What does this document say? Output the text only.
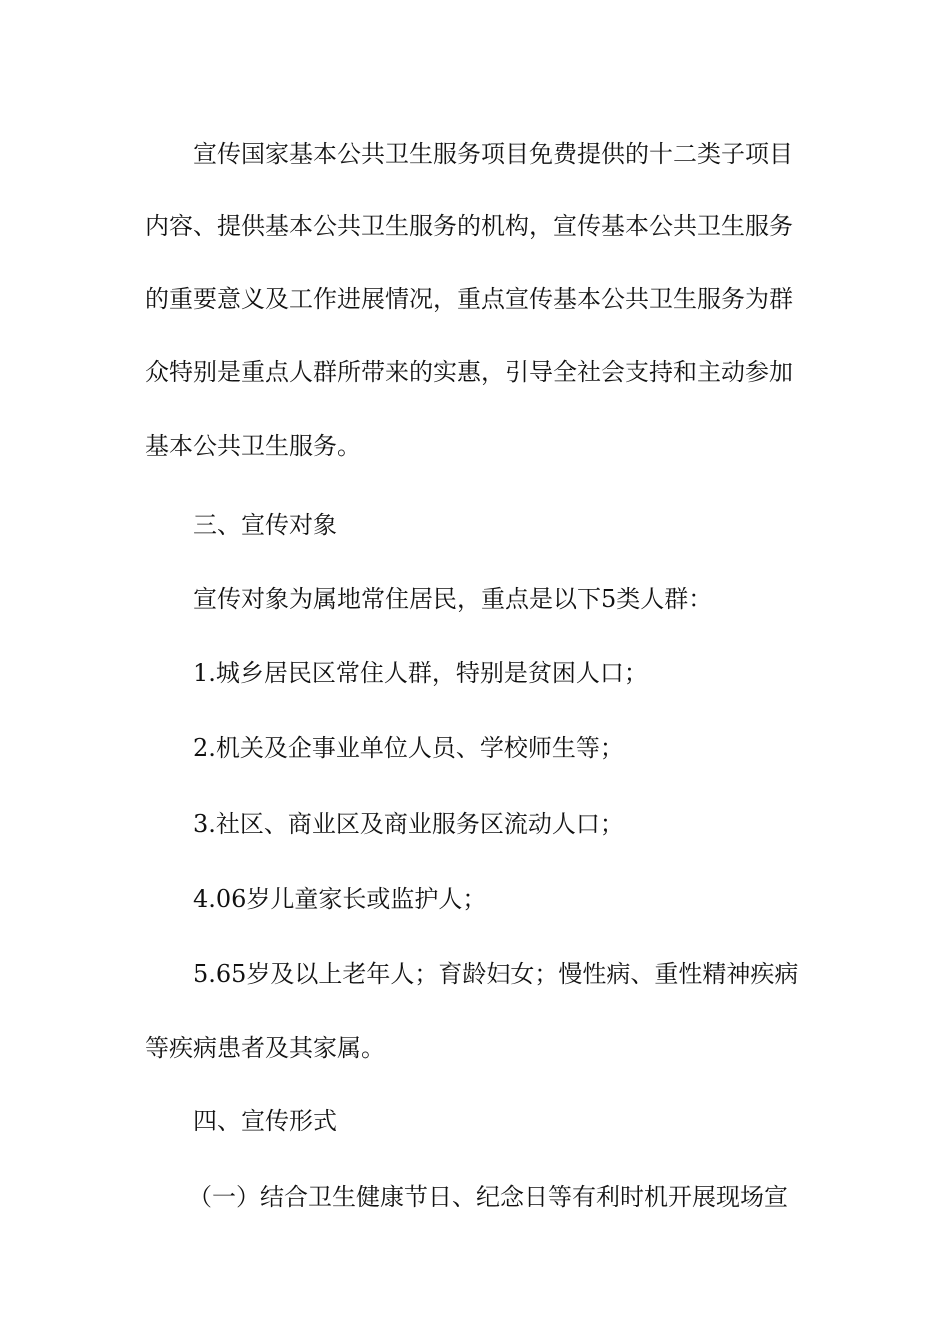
宣传国家基本公共卫生服务项目免费提供的十二类子项目

内容、提供基本公共卫生服务的机构，宣传基本公共卫生服务

的重要意义及工作进展情况，重点宣传基本公共卫生服务为群

众特别是重点人群所带来的实惠，引导全社会支持和主动参加

基本公共卫生服务。

三、宣传对象

宣传对象为属地常住居民，重点是以下5类人群：

1.城乡居民区常住人群，特别是贫困人口；

2.机关及企事业单位人员、学校师生等；

3.社区、商业区及商业服务区流动人口；

4.06岁儿童家长或监护人；

5.65岁及以上老年人；育龄妇女；慢性病、重性精神疾病

等疾病患者及其家属。

四、宣传形式

（一）结合卫生健康节日、纪念日等有利时机开展现场宣
